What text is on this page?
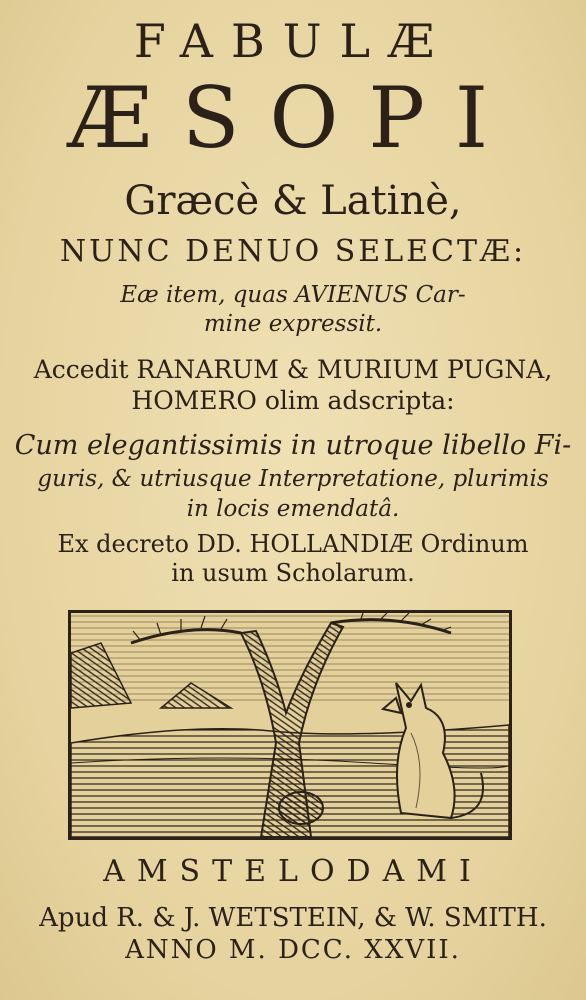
FABULÆ
ÆSOPI
Græcè & Latinè,
NUNC DENUO SELECTÆ:
Eæ item, quas AVIENUS Car-
mine expressit.
Accedit RANARUM & MURIUM PUGNA,
HOMERO olim adscripta:
Cum elegantissimis in utroque libello Fi-
guris, & utriusque Interpretatione, plurimis
in locis emendatâ.
Ex decreto DD. HOLLANDIÆ Ordinum
in usum Scholarum.
AMSTELODAMI
Apud R. & J. WETSTEIN, & W. SMITH.
ANNO M. DCC. XXVII.
